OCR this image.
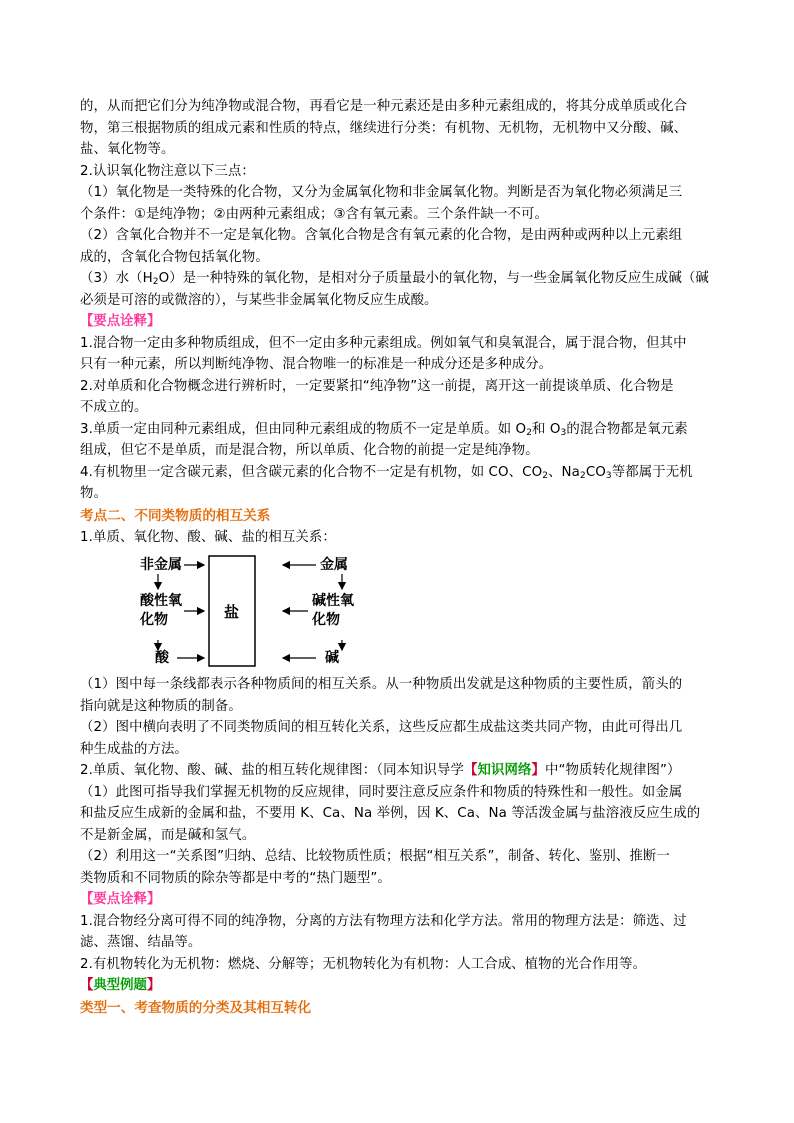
的，从而把它们分为纯净物或混合物，再看它是一种元素还是由多种元素组成的，将其分成单质或化合

物，第三根据物质的组成元素和性质的特点，继续进行分类：有机物、无机物，无机物中又分酸、碱、

盐、氧化物等。

2.认识氧化物注意以下三点：

（1）氧化物是一类特殊的化合物，又分为金属氧化物和非金属氧化物。判断是否为氧化物必须满足三

个条件：①是纯净物；②由两种元素组成；③含有氧元素。三个条件缺一不可。

（2）含氧化合物并不一定是氧化物。含氧化合物是含有氧元素的化合物，是由两种或两种以上元素组

成的，含氧化合物包括氧化物。

（3）水$(H_2O)$是一种特殊的氧化物，是相对分子质量最小的氧化物，与一些金属氧化物反应生成碱（碱

必须是可溶的或微溶的），与某些非金属氧化物反应生成酸。

【要点诠释】

1.混合物一定由多种物质组成，但不一定由多种元素组成。例如氧气和臭氧混合，属于混合物，但其中

只有一种元素，所以判断纯净物、混合物唯一的标准是一种成分还是多种成分。

2.对单质和化合物概念进行辨析时，一定要紧扣“纯净物”这一前提，离开这一前提谈单质、化合物是

不成立的。

3.单质一定由同种元素组成，但由同种元素组成的物质不一定是单质。如 $O_2$和 $O_3$的混合物都是氧元素

组成，但它不是单质，而是混合物，所以单质、化合物的前提一定是纯净物。

4.有机物里一定含碳元素，但含碳元素的化合物不一定是有机物，如 CO、$CO_2$、$Na_2CO_3$等都属于无机

物。

考点二、不同类物质的相互关系

1.单质、氧化物、酸、碱、盐的相互关系：

非金属
酸性氧
化物
酸
盐
金属
碱性氧
化物
碱

（1）图中每一条线都表示各种物质间的相互关系。从一种物质出发就是这种物质的主要性质，箭头的

指向就是这种物质的制备。

（2）图中横向表明了不同类物质间的相互转化关系，这些反应都生成盐这类共同产物，由此可得出几

种生成盐的方法。

2.单质、氧化物、酸、碱、盐的相互转化规律图：（同本知识导学【知识网络】中“物质转化规律图”）

（1）此图可指导我们掌握无机物的反应规律，同时要注意反应条件和物质的特殊性和一般性。如金属

和盐反应生成新的金属和盐，不要用 K、Ca、Na 举例，因 K、Ca、Na 等活泼金属与盐溶液反应生成的

不是新金属，而是碱和氢气。

（2）利用这一“关系图”归纳、总结、比较物质性质；根据“相互关系”，制备、转化、鉴别、推断一

类物质和不同物质的除杂等都是中考的“热门题型”。

【要点诠释】

1.混合物经分离可得不同的纯净物，分离的方法有物理方法和化学方法。常用的物理方法是：筛选、过

滤、蒸馏、结晶等。

2.有机物转化为无机物：燃烧、分解等；无机物转化为有机物：人工合成、植物的光合作用等。

【典型例题】

类型一、考查物质的分类及其相互转化
